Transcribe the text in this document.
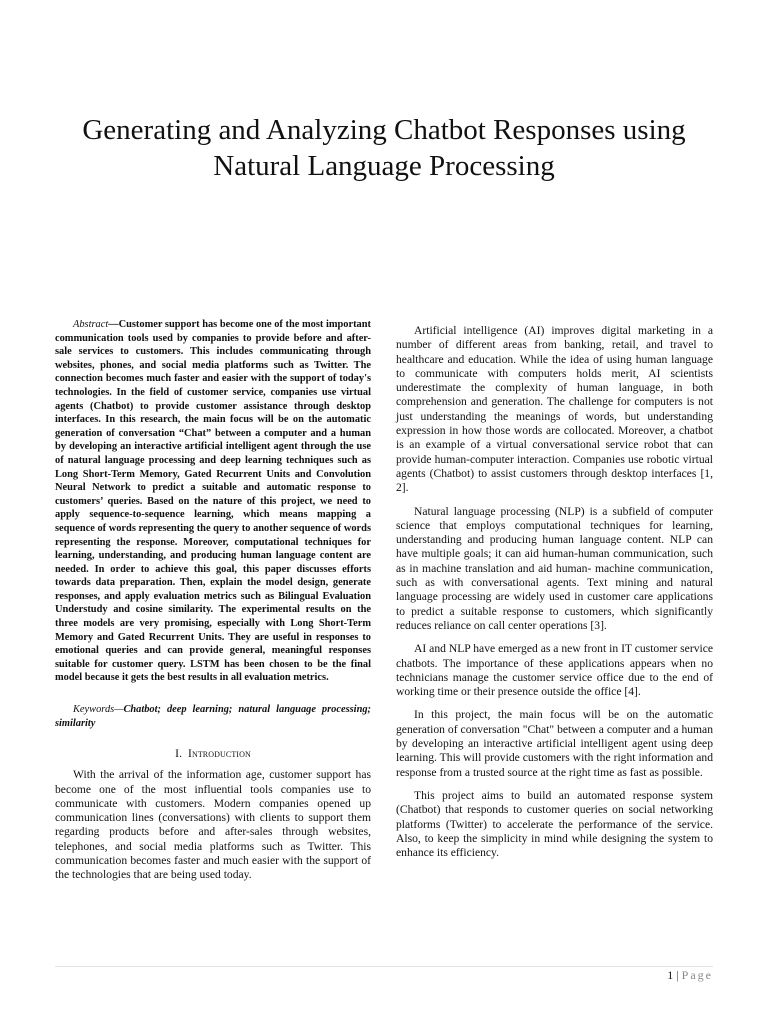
Generating and Analyzing Chatbot Responses using Natural Language Processing

Abstract—Customer support has become one of the most important communication tools used by companies to provide before and after-sale services to customers. This includes communicating through websites, phones, and social media platforms such as Twitter. The connection becomes much faster and easier with the support of today's technologies. In the field of customer service, companies use virtual agents (Chatbot) to provide customer assistance through desktop interfaces. In this research, the main focus will be on the automatic generation of conversation “Chat” between a computer and a human by developing an interactive artificial intelligent agent through the use of natural language processing and deep learning techniques such as Long Short-Term Memory, Gated Recurrent Units and Convolution Neural Network to predict a suitable and automatic response to customers’ queries. Based on the nature of this project, we need to apply sequence-to-sequence learning, which means mapping a sequence of words representing the query to another sequence of words representing the response. Moreover, computational techniques for learning, understanding, and producing human language content are needed. In order to achieve this goal, this paper discusses efforts towards data preparation. Then, explain the model design, generate responses, and apply evaluation metrics such as Bilingual Evaluation Understudy and cosine similarity. The experimental results on the three models are very promising, especially with Long Short-Term Memory and Gated Recurrent Units. They are useful in responses to emotional queries and can provide general, meaningful responses suitable for customer query. LSTM has been chosen to be the final model because it gets the best results in all evaluation metrics.

Keywords—Chatbot; deep learning; natural language processing; similarity

I. Introduction

With the arrival of the information age, customer support has become one of the most influential tools companies use to communicate with customers. Modern companies opened up communication lines (conversations) with clients to support them regarding products before and after-sales through websites, telephones, and social media platforms such as Twitter. This communication becomes faster and much easier with the support of the technologies that are being used today.

Artificial intelligence (AI) improves digital marketing in a number of different areas from banking, retail, and travel to healthcare and education. While the idea of using human language to communicate with computers holds merit, AI scientists underestimate the complexity of human language, in both comprehension and generation. The challenge for computers is not just understanding the meanings of words, but understanding expression in how those words are collocated. Moreover, a chatbot is an example of a virtual conversational service robot that can provide human-computer interaction. Companies use robotic virtual agents (Chatbot) to assist customers through desktop interfaces [1, 2].

Natural language processing (NLP) is a subfield of computer science that employs computational techniques for learning, understanding and producing human language content. NLP can have multiple goals; it can aid human-human communication, such as in machine translation and aid human- machine communication, such as with conversational agents. Text mining and natural language processing are widely used in customer care applications to predict a suitable response to customers, which significantly reduces reliance on call center operations [3].

AI and NLP have emerged as a new front in IT customer service chatbots. The importance of these applications appears when no technicians manage the customer service office due to the end of working time or their presence outside the office [4].

In this project, the main focus will be on the automatic generation of conversation "Chat" between a computer and a human by developing an interactive artificial intelligent agent using deep learning. This will provide customers with the right information and response from a trusted source at the right time as fast as possible.

This project aims to build an automated response system (Chatbot) that responds to customer queries on social networking platforms (Twitter) to accelerate the performance of the service. Also, to keep the simplicity in mind while designing the system to enhance its efficiency.

1 | Page
